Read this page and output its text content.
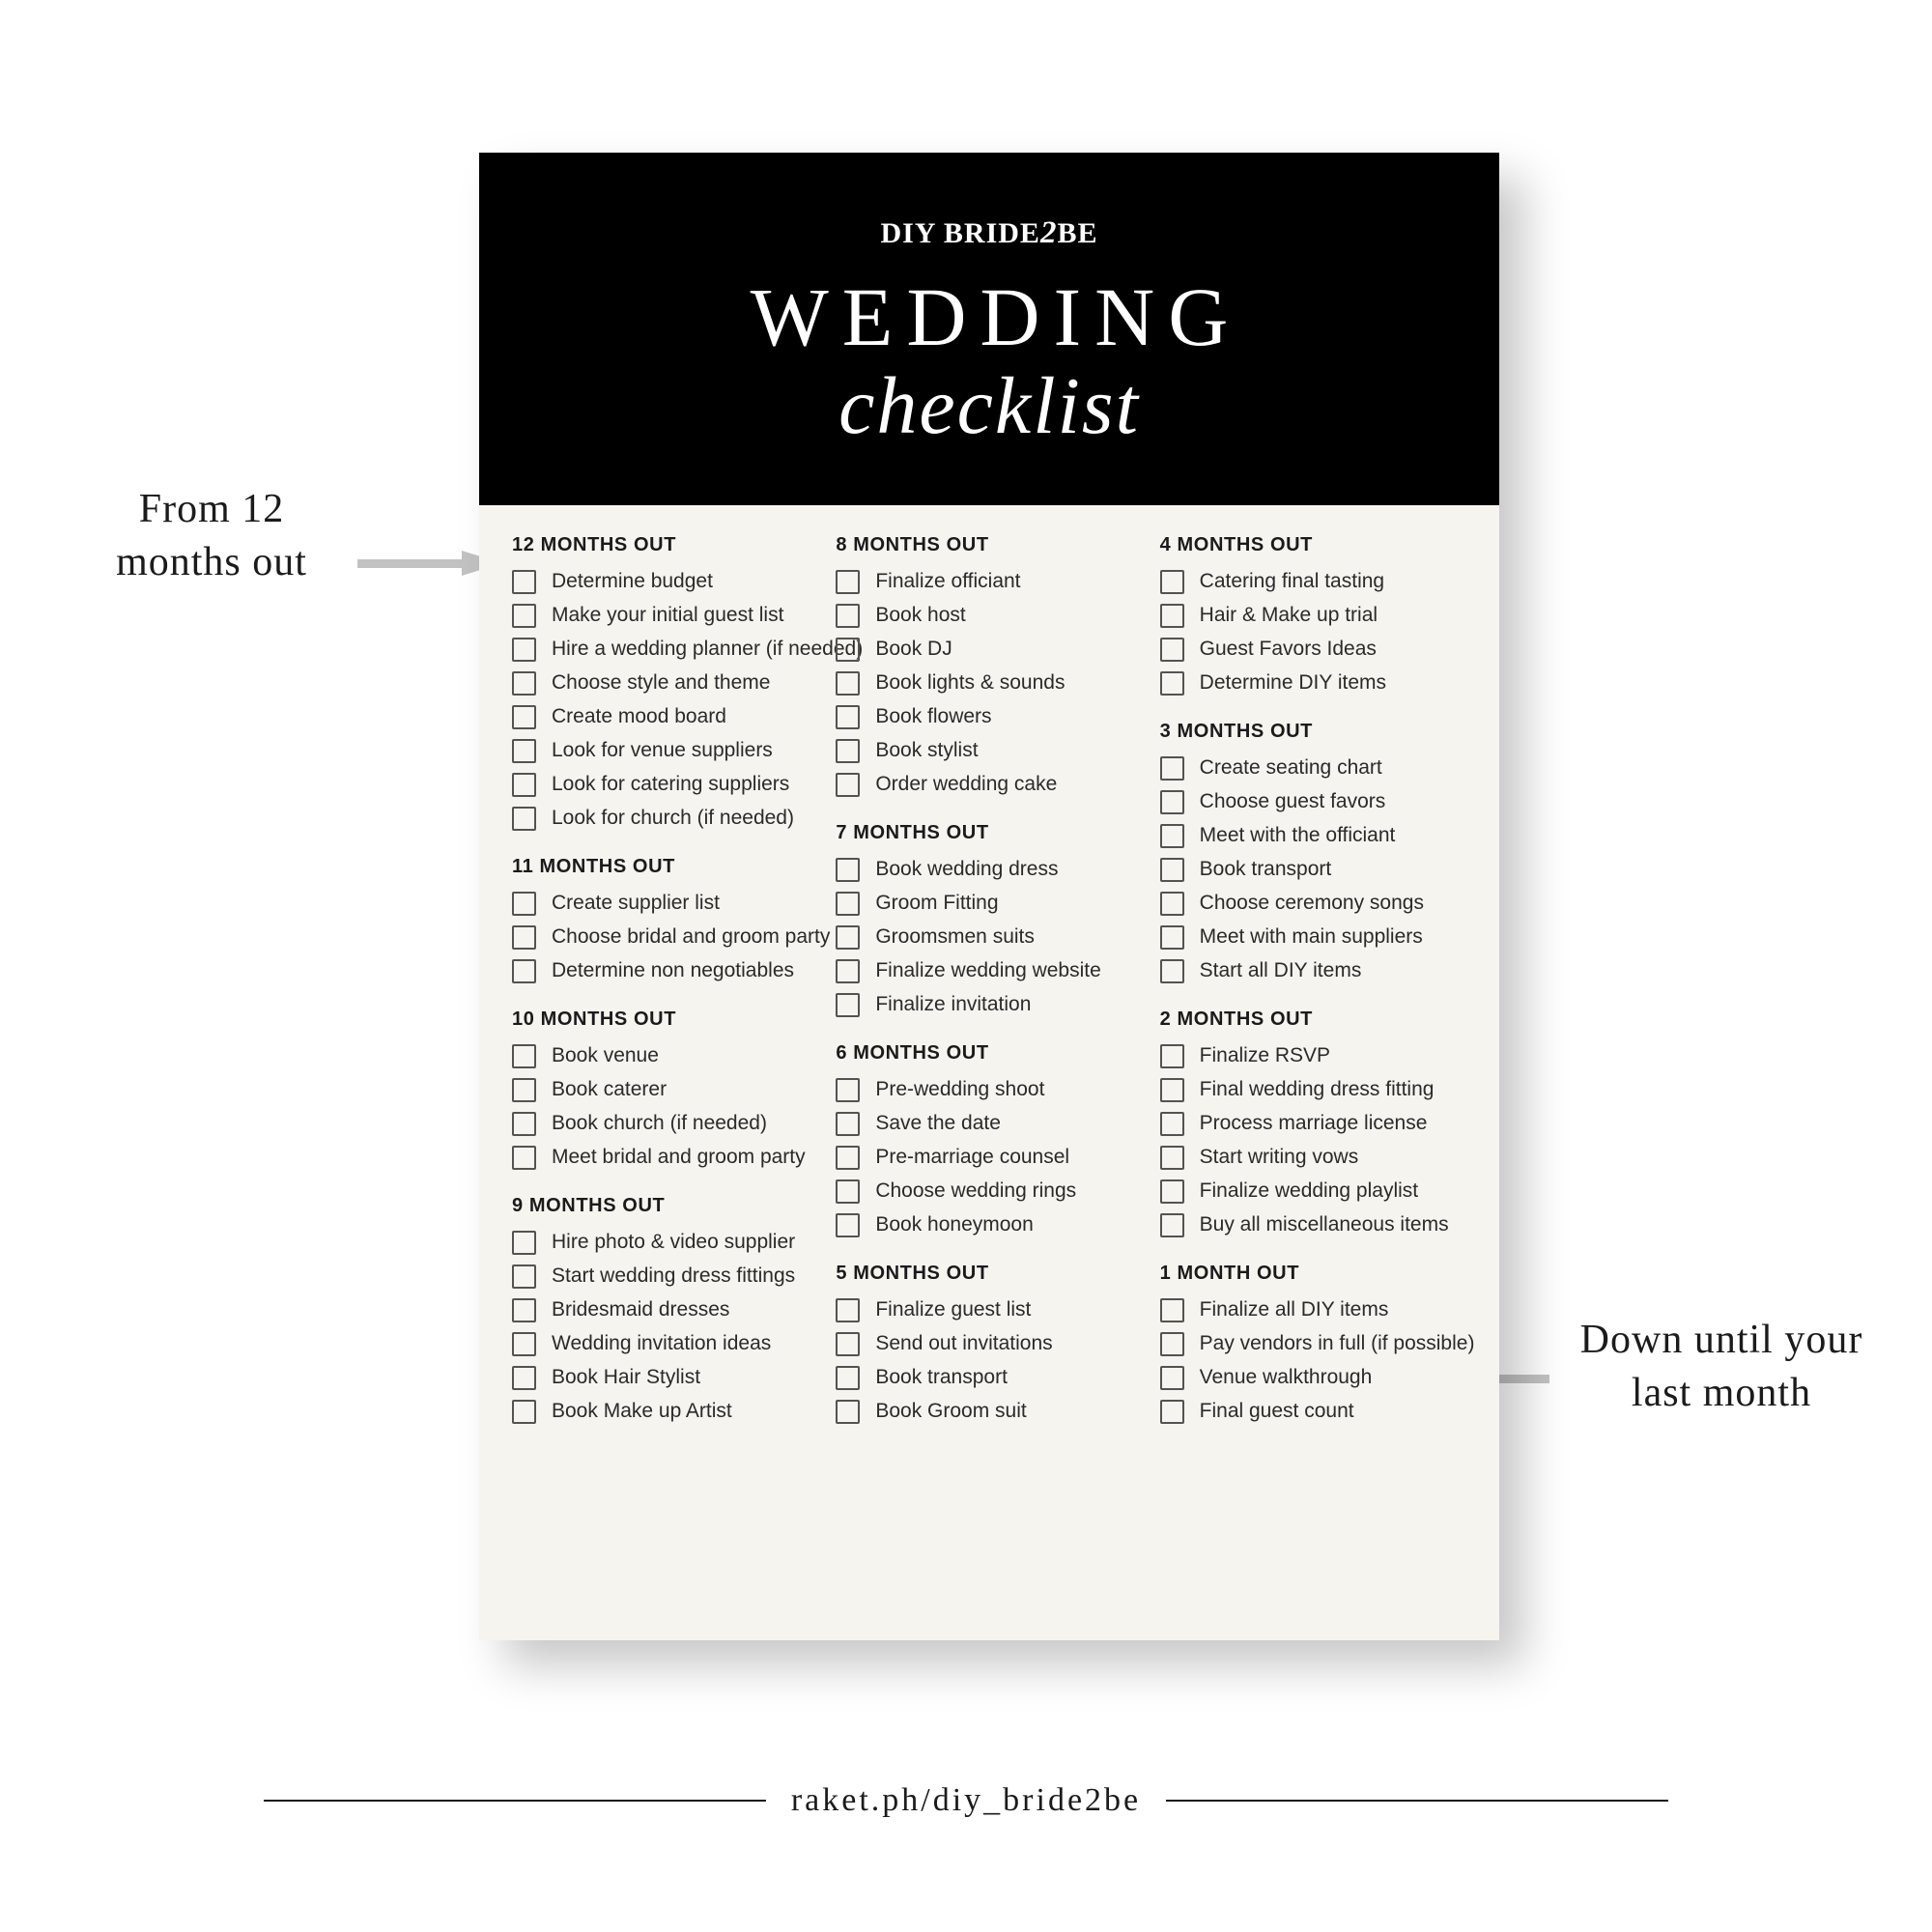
From 12 months out
Down until your last month
DIY BRIDE2BE
WEDDING
checklist
12 MONTHS OUT
Determine budget
Make your initial guest list
Hire a wedding planner (if needed)
Choose style and theme
Create mood board
Look for venue suppliers
Look for catering suppliers
Look for church (if needed)
11 MONTHS OUT
Create supplier list
Choose bridal and groom party
Determine non negotiables
10 MONTHS OUT
Book venue
Book caterer
Book church (if needed)
Meet bridal and groom party
9 MONTHS OUT
Hire photo & video supplier
Start wedding dress fittings
Bridesmaid dresses
Wedding invitation ideas
Book Hair Stylist
Book Make up Artist
8 MONTHS OUT
Finalize officiant
Book host
Book DJ
Book lights & sounds
Book flowers
Book stylist
Order wedding cake
7 MONTHS OUT
Book wedding dress
Groom Fitting
Groomsmen suits
Finalize wedding website
Finalize invitation
6 MONTHS OUT
Pre-wedding shoot
Save the date
Pre-marriage counsel
Choose wedding rings
Book honeymoon
5 MONTHS OUT
Finalize guest list
Send out invitations
Book transport
Book Groom suit
4 MONTHS OUT
Catering final tasting
Hair & Make up trial
Guest Favors Ideas
Determine DIY items
3 MONTHS OUT
Create seating chart
Choose guest favors
Meet with the officiant
Book transport
Choose ceremony songs
Meet with main suppliers
Start all DIY items
2 MONTHS OUT
Finalize RSVP
Final wedding dress fitting
Process marriage license
Start writing vows
Finalize wedding playlist
Buy all miscellaneous items
1 MONTH OUT
Finalize all DIY items
Pay vendors in full (if possible)
Venue walkthrough
Final guest count
raket.ph/diy_bride2be
